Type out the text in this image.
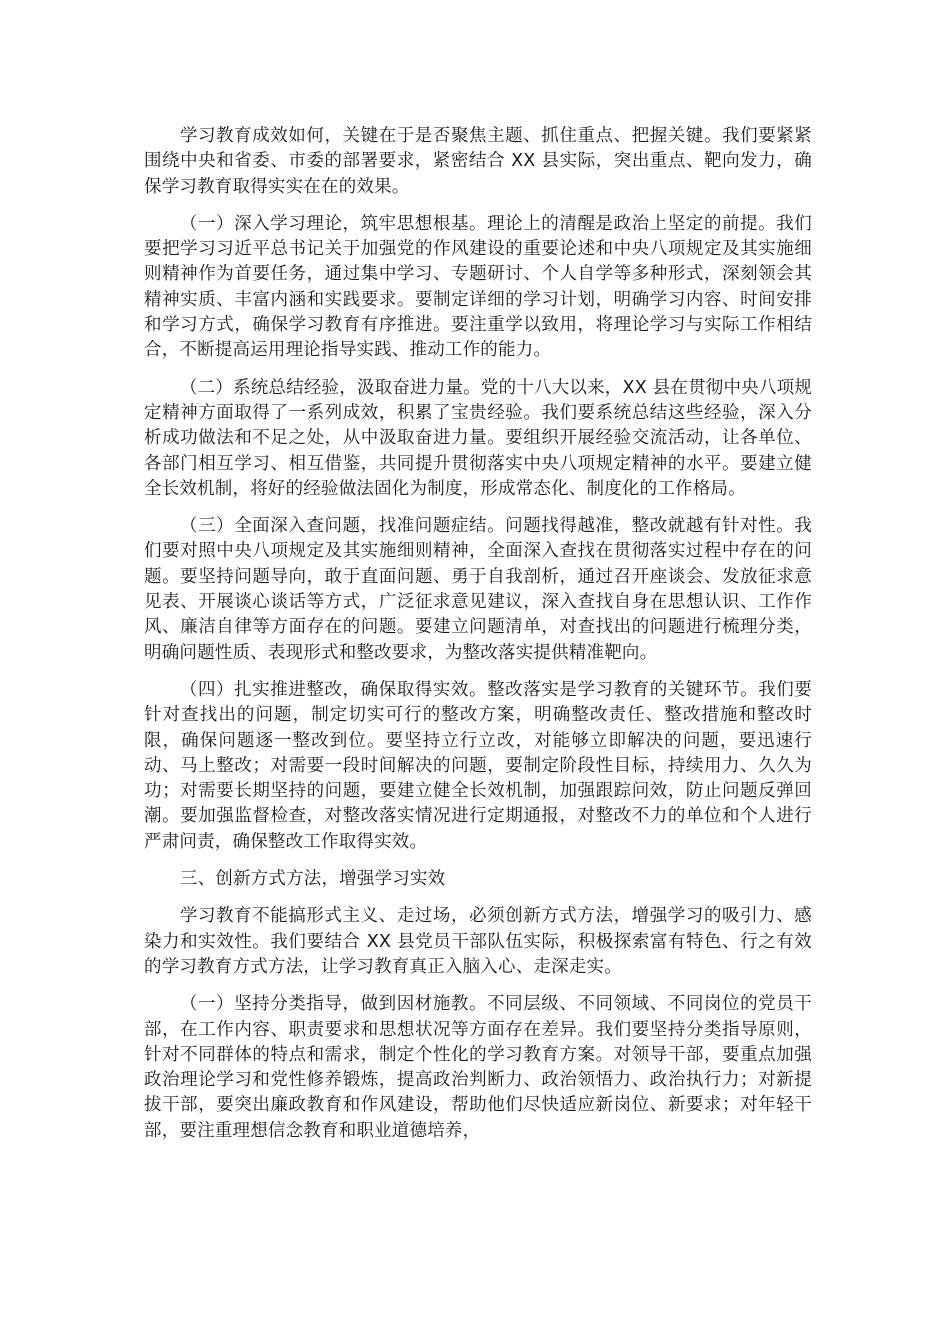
学习教育成效如何，关键在于是否聚焦主题、抓住重点、把握关键。我们要紧紧围绕中央和省委、市委的部署要求，紧密结合 XX 县实际，突出重点、靶向发力，确保学习教育取得实实在在的效果。

（一）深入学习理论，筑牢思想根基。理论上的清醒是政治上坚定的前提。我们要把学习习近平总书记关于加强党的作风建设的重要论述和中央八项规定及其实施细则精神作为首要任务，通过集中学习、专题研讨、个人自学等多种形式，深刻领会其精神实质、丰富内涵和实践要求。要制定详细的学习计划，明确学习内容、时间安排和学习方式，确保学习教育有序推进。要注重学以致用，将理论学习与实际工作相结合，不断提高运用理论指导实践、推动工作的能力。

（二）系统总结经验，汲取奋进力量。党的十八大以来，XX 县在贯彻中央八项规定精神方面取得了一系列成效，积累了宝贵经验。我们要系统总结这些经验，深入分析成功做法和不足之处，从中汲取奋进力量。要组织开展经验交流活动，让各单位、各部门相互学习、相互借鉴，共同提升贯彻落实中央八项规定精神的水平。要建立健全长效机制，将好的经验做法固化为制度，形成常态化、制度化的工作格局。

（三）全面深入查问题，找准问题症结。问题找得越准，整改就越有针对性。我们要对照中央八项规定及其实施细则精神，全面深入查找在贯彻落实过程中存在的问题。要坚持问题导向，敢于直面问题、勇于自我剖析，通过召开座谈会、发放征求意见表、开展谈心谈话等方式，广泛征求意见建议，深入查找自身在思想认识、工作作风、廉洁自律等方面存在的问题。要建立问题清单，对查找出的问题进行梳理分类，明确问题性质、表现形式和整改要求，为整改落实提供精准靶向。

（四）扎实推进整改，确保取得实效。整改落实是学习教育的关键环节。我们要针对查找出的问题，制定切实可行的整改方案，明确整改责任、整改措施和整改时限，确保问题逐一整改到位。要坚持立行立改，对能够立即解决的问题，要迅速行动、马上整改；对需要一段时间解决的问题，要制定阶段性目标，持续用力、久久为功；对需要长期坚持的问题，要建立健全长效机制，加强跟踪问效，防止问题反弹回潮。要加强监督检查，对整改落实情况进行定期通报，对整改不力的单位和个人进行严肃问责，确保整改工作取得实效。

三、创新方式方法，增强学习实效

学习教育不能搞形式主义、走过场，必须创新方式方法，增强学习的吸引力、感染力和实效性。我们要结合 XX 县党员干部队伍实际，积极探索富有特色、行之有效的学习教育方式方法，让学习教育真正入脑入心、走深走实。

（一）坚持分类指导，做到因材施教。不同层级、不同领域、不同岗位的党员干部，在工作内容、职责要求和思想状况等方面存在差异。我们要坚持分类指导原则，针对不同群体的特点和需求，制定个性化的学习教育方案。对领导干部，要重点加强政治理论学习和党性修养锻炼，提高政治判断力、政治领悟力、政治执行力；对新提拔干部，要突出廉政教育和作风建设，帮助他们尽快适应新岗位、新要求；对年轻干部，要注重理想信念教育和职业道德培养，
